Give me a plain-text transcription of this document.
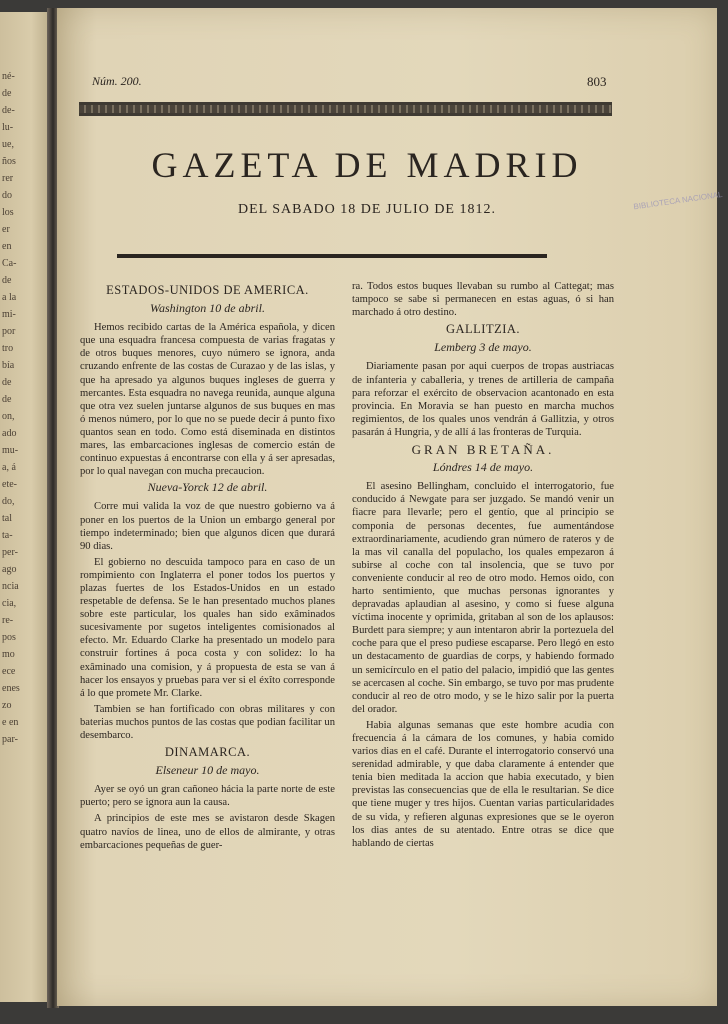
né-
de
de-
lu-
ue,
ños
rer
do
los
er
en
Ca-
de
a la
mi-
por
tro
bía
de
de
on,
ado
mu-
a, á
ete-
do,
tal
ta-
per-
ago
ncia
cia,
re-
pos
mo
ece
enes
zo
e en
par-
Núm. 200.	803
GAZETA DE MADRID
DEL SABADO 18 DE JULIO DE 1812.	BIBLIOTECA NACIONAL
ESTADOS-UNIDOS DE AMERICA.
Washington 10 de abril.

Hemos recibido cartas de la América española, y dicen que una esquadra francesa compuesta de varias fragatas y de otros buques menores, cuyo número se ignora, anda cruzando enfrente de las costas de Curazao y de las islas, y que ha apresado ya algunos buques ingleses de guerra y mercantes. Esta esquadra no navega reunida, aunque alguna que otra vez suelen juntarse algunos de sus buques en mas ó menos número, por lo que no se puede decir á punto fixo quantos sean en todo. Como está diseminada en distintos mares, las embarcaciones inglesas de comercio están de continuo expuestas á encontrarse con ella y á ser apresadas, por lo qual navegan con mucha precaucion.

Nueva-Yorck 12 de abril.

Corre mui valida la voz de que nuestro gobierno va á poner en los puertos de la Union un embargo general por tiempo indeterminado; bien que algunos dicen que durará 90 dias.

El gobierno no descuida tampoco para en caso de un rompimiento con Inglaterra el poner todos los puertos y plazas fuertes de los Estados-Unidos en un estado respetable de defensa. Se le han presentado muchos planes sobre este particular, los quales han sido exâminados sucesivamente por sugetos inteligentes comisionados al efecto. Mr. Eduardo Clarke ha presentado un modelo para construir fortines á poca costa y con solidez: lo ha exâminado una comision, y á propuesta de esta se van á hacer los ensayos y pruebas para ver si el éxîto corresponde á lo que promete Mr. Clarke.

Tambien se han fortificado con obras militares y con baterias muchos puntos de las costas que podian facilitar un desembarco.

DINAMARCA.
Elseneur 10 de mayo.

Ayer se oyó un gran cañoneo hácia la parte norte de este puerto; pero se ignora aun la causa.

A principios de este mes se avistaron desde Skagen quatro navíos de linea, uno de ellos de almirante, y otras embarcaciones pequeñas de guer-

ra. Todos estos buques llevaban su rumbo al Cattegat; mas tampoco se sabe si permanecen en estas aguas, ó si han marchado á otro destino.
GALLITZIA.
Lemberg 3 de mayo.

Diariamente pasan por aqui cuerpos de tropas austriacas de infanteria y caballeria, y trenes de artilleria de campaña para reforzar el exército de observacion acantonado en esta provincia. En Moravia se han puesto en marcha muchos regimientos, de los quales unos vendrán á Gallitzia, y otros pasarán á Hungria, y de allí á las fronteras de Turquia.

GRAN BRETAÑA.
Lóndres 14 de mayo.

El asesino Bellingham, concluido el interrogatorio, fue conducido á Newgate para ser juzgado. Se mandó venir un fiacre para llevarle; pero el gentío, que al principio se componia de personas decentes, fue aumentándose extraordinariamente, acudiendo gran número de rateros y de la mas vil canalla del populacho, los quales empezaron á subirse al coche con tal insolencia, que se tuvo por conveniente conducir al reo de otro modo. Hemos oido, con harto sentimiento, que muchas personas ignorantes y depravadas aplaudian al asesino, y como si fuese alguna víctima inocente y oprimida, gritaban al son de los aplausos: Burdett para siempre; y aun intentaron abrir la portezuela del coche para que el preso pudiese escaparse. Pero llegó en esto un destacamento de guardias de corps, y habiendo formado un semicírculo en el patio del palacio, impidió que las gentes se acercasen al coche. Sin embargo, se tuvo por mas prudente conducir al reo de otro modo, y se le hizo salir por la puerta del orador.

Habia algunas semanas que este hombre acudia con frecuencia á la cámara de los comunes, y habia comido varios dias en el café. Durante el interrogatorio conservó una serenidad admirable, y que daba claramente á entender que tenia bien meditada la accion que habia executado, y bien previstas las consecuencias que de ella le resultarian. Se dice que tiene muger y tres hijos. Cuentan varias particularidades de su vida, y refieren algunas expresiones que se le oyeron los dias antes de su atentado. Entre otras se dice que hablando de ciertas
